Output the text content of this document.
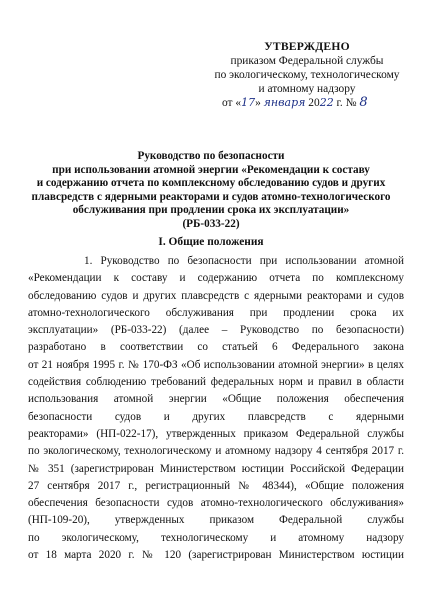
УТВЕРЖДЕНО
приказом Федеральной службы
по экологическому, технологическому
и атомному надзору
от «17» января 2022 г. № 8
Руководство по безопасности
при использовании атомной энергии «Рекомендации к составу
и содержанию отчета по комплексному обследованию судов и других
плавсредств с ядерными реакторами и судов атомно-технологического
обслуживания при продлении срока их эксплуатации»
(РБ-033-22)
I. Общие положения
1. Руководство по безопасности при использовании атомной
«Рекомендации к составу и содержанию отчета по комплексному
обследованию судов и других плавсредств с ядерными реакторами и судов
атомно-технологического обслуживания при продлении срока их
эксплуатации» (РБ-033-22) (далее – Руководство по безопасности)
разработано в соответствии со статьей 6 Федерального закона
от 21 ноября 1995 г. № 170-ФЗ «Об использовании атомной энергии» в целях
содействия соблюдению требований федеральных норм и правил в области
использования атомной энергии «Общие положения обеспечения
безопасности судов и других плавсредств с ядерными
реакторами» (НП-022-17), утвержденных приказом Федеральной службы
по экологическому, технологическому и атомному надзору 4 сентября 2017 г.
№ 351 (зарегистрирован Министерством юстиции Российской Федерации
27 сентября 2017 г., регистрационный № 48344), «Общие положения
обеспечения безопасности судов атомно-технологического обслуживания»
(НП-109-20), утвержденных приказом Федеральной службы
по экологическому, технологическому и атомному надзору
от 18 марта 2020 г. № 120 (зарегистрирован Министерством юстиции
